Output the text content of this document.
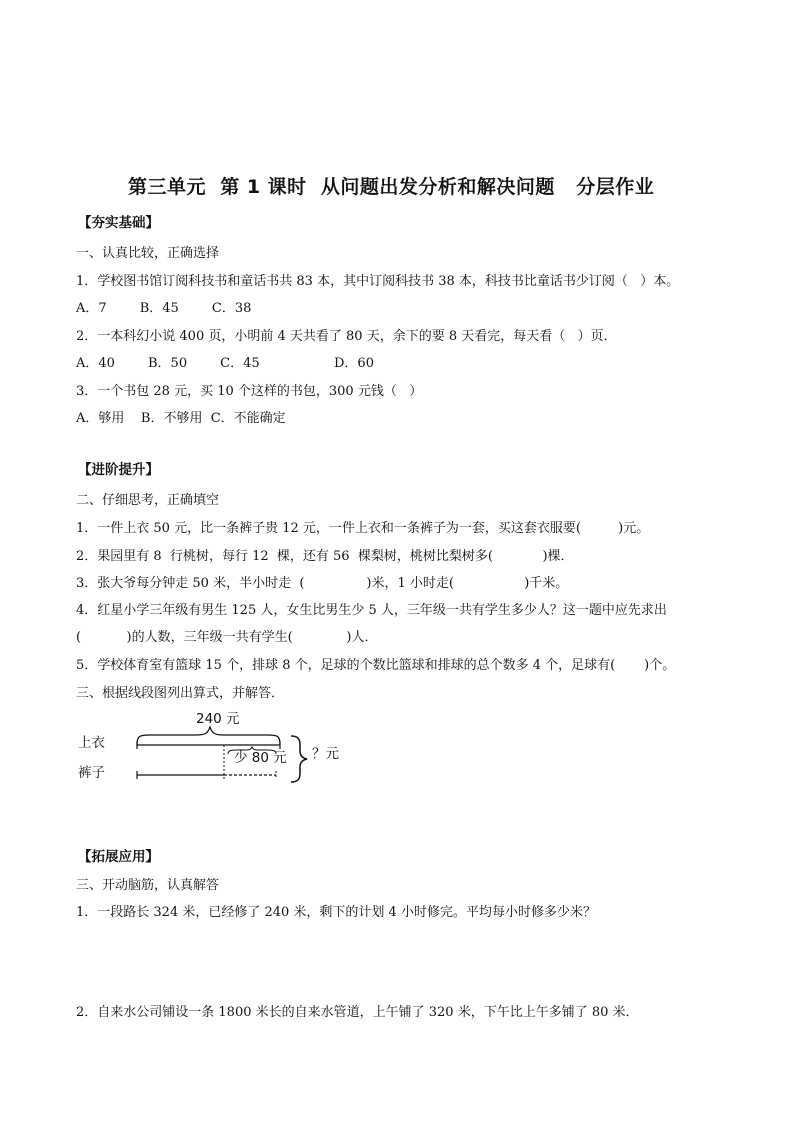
第三单元  第 1 课时  从问题出发分析和解决问题   分层作业
【夯实基础】
一、认真比较，正确选择
1．学校图书馆订阅科技书和童话书共 83 本，其中订阅科技书 38 本，科技书比童话书少订阅（   ）本。
A．7        B．45        C．38
2．一本科幻小说 400 页，小明前 4 天共看了 80 天，余下的要 8 天看完，每天看（   ）页．
A．40        B．50        C．45                  D．60
3．一个书包 28 元，买 10 个这样的书包，300 元钱（   ）
A．够用    B．不够用  C．不能确定
【进阶提升】
二、仔细思考，正确填空
1．一件上衣 50 元，比一条裤子贵 12 元，一件上衣和一条裤子为一套，买这套衣服要(         )元。
2．果园里有 8  行桃树，每行 12  棵，还有 56  棵梨树，桃树比梨树多(            )棵．
3．张大爷每分钟走 50 米，半小时走  (               )米，1 小时走(                 )千米。
4．红星小学三年级有男生 125 人，女生比男生少 5 人，三年级一共有学生多少人？这一题中应先求出
(           )的人数，三年级一共有学生(             )人．
5．学校体育室有篮球 15 个，排球 8 个，足球的个数比篮球和排球的总个数多 4 个，足球有(       )个。
三、根据线段图列出算式，并解答．
240 元
上衣
裤子
少 80 元 ？元
【拓展应用】
三、开动脑筋，认真解答
1．一段路长 324 米，已经修了 240 米，剩下的计划 4 小时修完。平均每小时修多少米？
2．自来水公司铺设一条 1800 米长的自来水管道，上午铺了 320 米，下午比上午多铺了 80 米．
